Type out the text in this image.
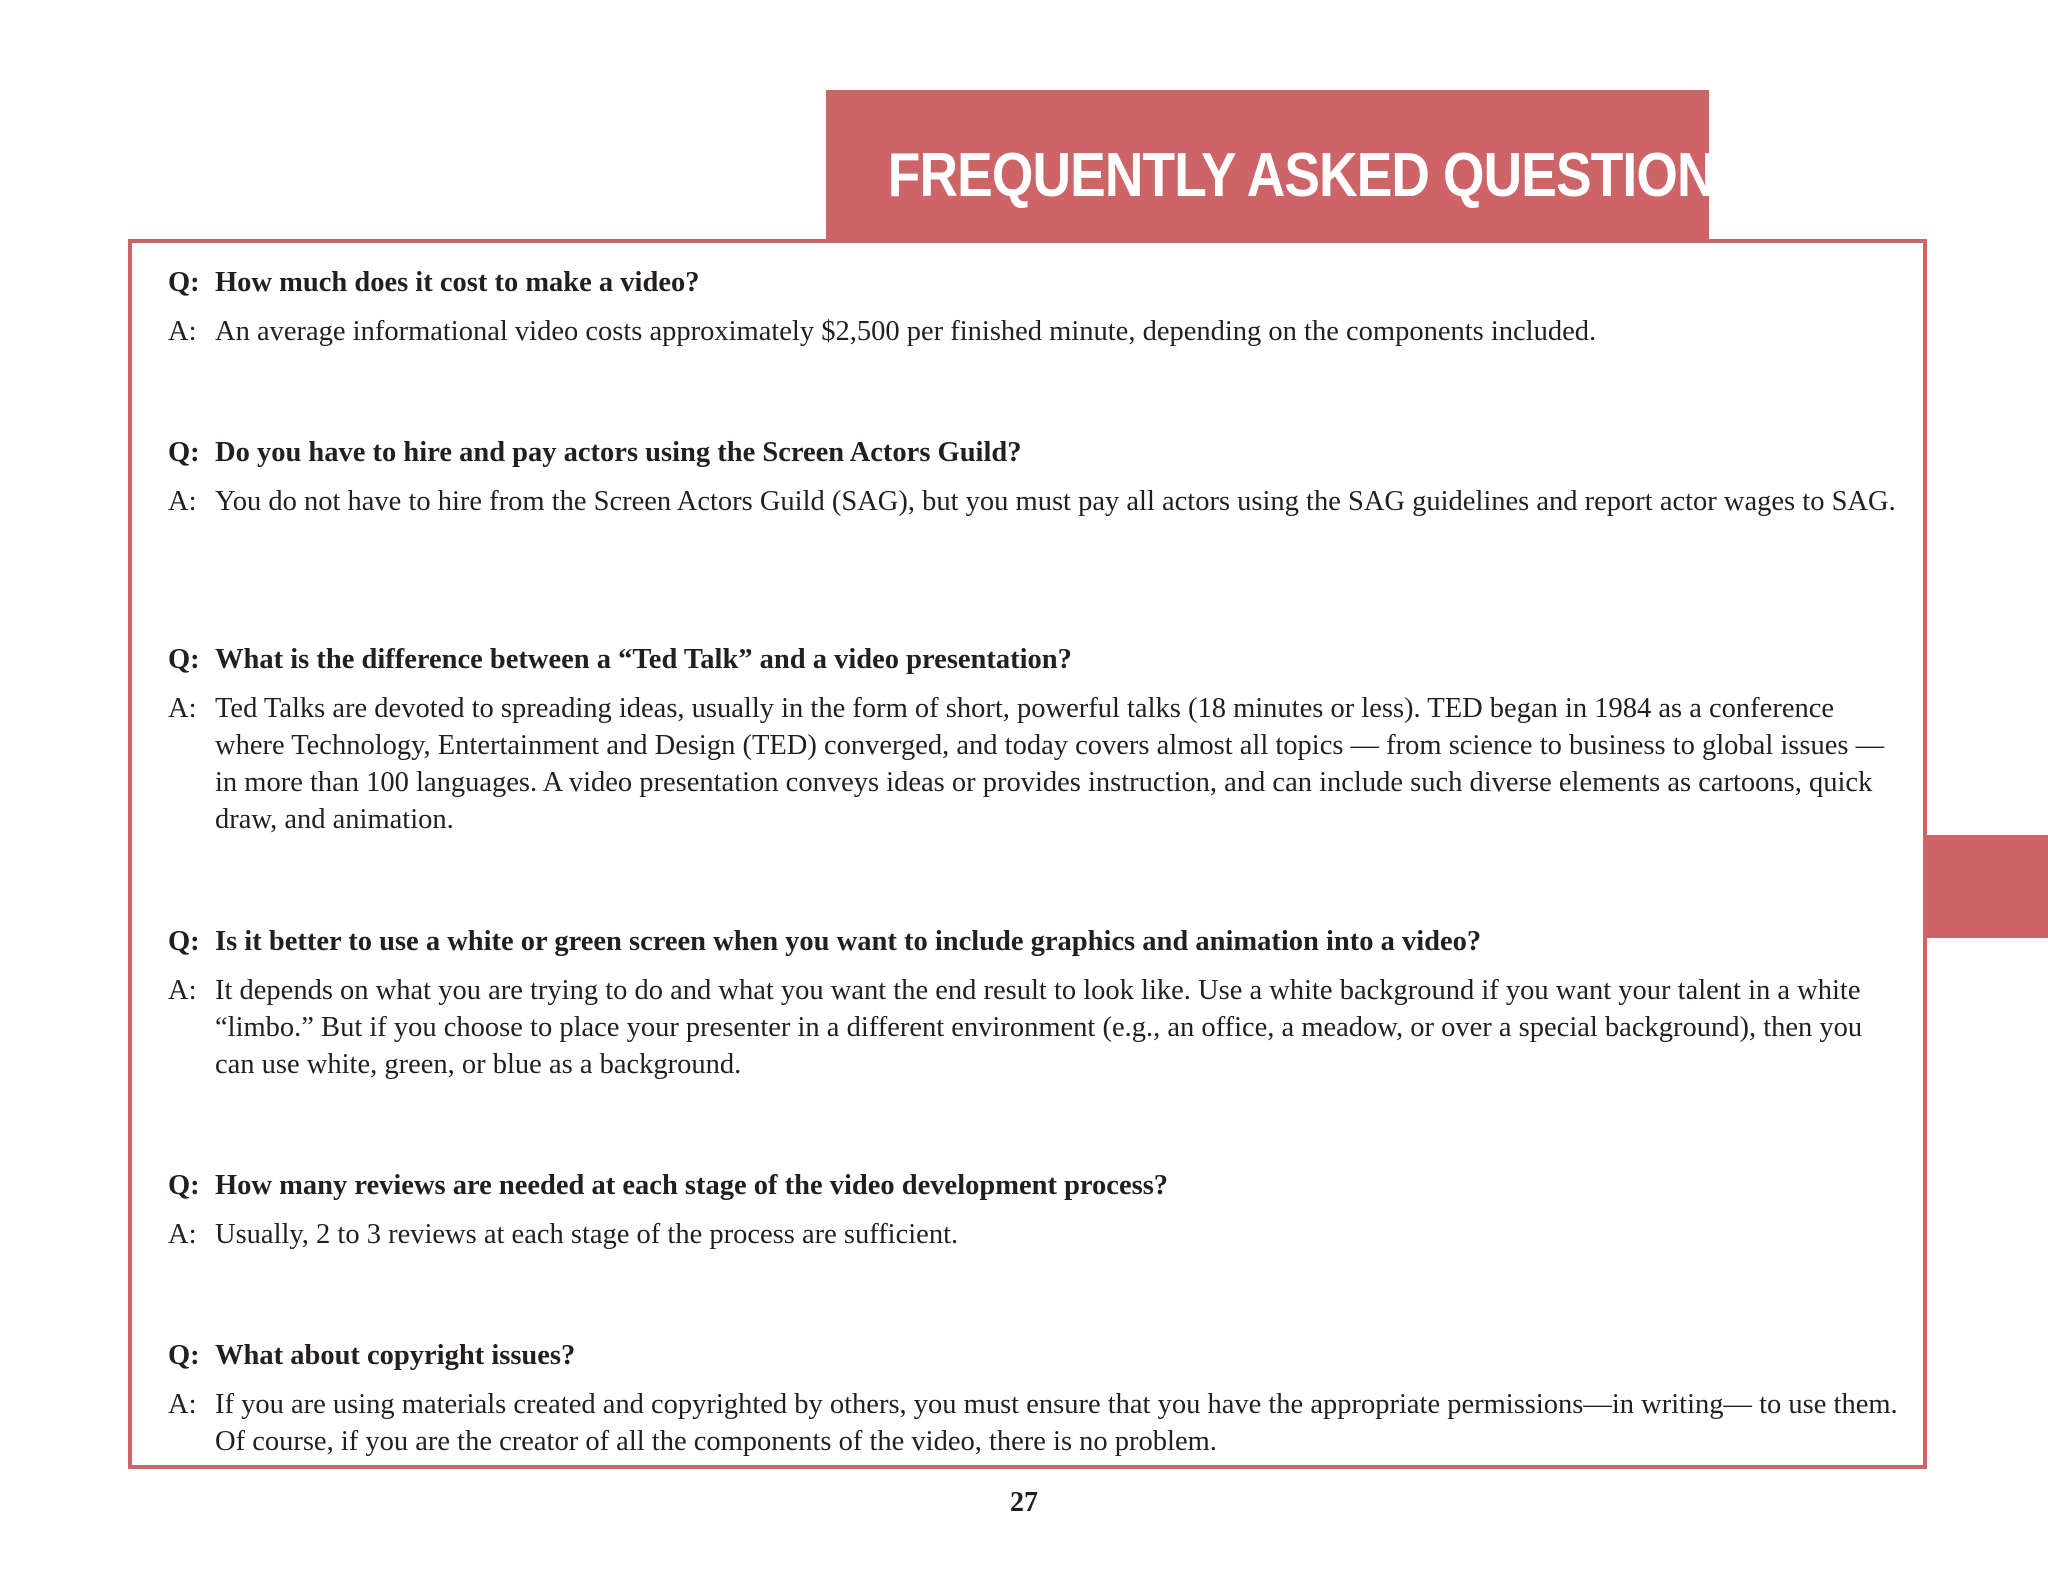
FREQUENTLY ASKED QUESTIONS
Q: How much does it cost to make a video?
A: An average informational video costs approximately $2,500 per finished minute, depending on the components included.
Q: Do you have to hire and pay actors using the Screen Actors Guild?
A: You do not have to hire from the Screen Actors Guild (SAG), but you must pay all actors using the SAG guidelines and report actor wages to SAG.
Q: What is the difference between a “Ted Talk” and a video presentation?
A: Ted Talks are devoted to spreading ideas, usually in the form of short, powerful talks (18 minutes or less). TED began in 1984 as a conference where Technology, Entertainment and Design (TED) converged, and today covers almost all topics — from science to business to global issues — in more than 100 languages. A video presentation conveys ideas or provides instruction, and can include such diverse elements as cartoons, quick draw, and animation.
Q: Is it better to use a white or green screen when you want to include graphics and animation into a video?
A: It depends on what you are trying to do and what you want the end result to look like. Use a white background if you want your talent in a white “limbo.” But if you choose to place your presenter in a different environment (e.g., an office, a meadow, or over a special background), then you can use white, green, or blue as a background.
Q: How many reviews are needed at each stage of the video development process?
A: Usually, 2 to 3 reviews at each stage of the process are sufficient.
Q: What about copyright issues?
A: If you are using materials created and copyrighted by others, you must ensure that you have the appropriate permissions—in writing— to use them. Of course, if you are the creator of all the components of the video, there is no problem.
27
